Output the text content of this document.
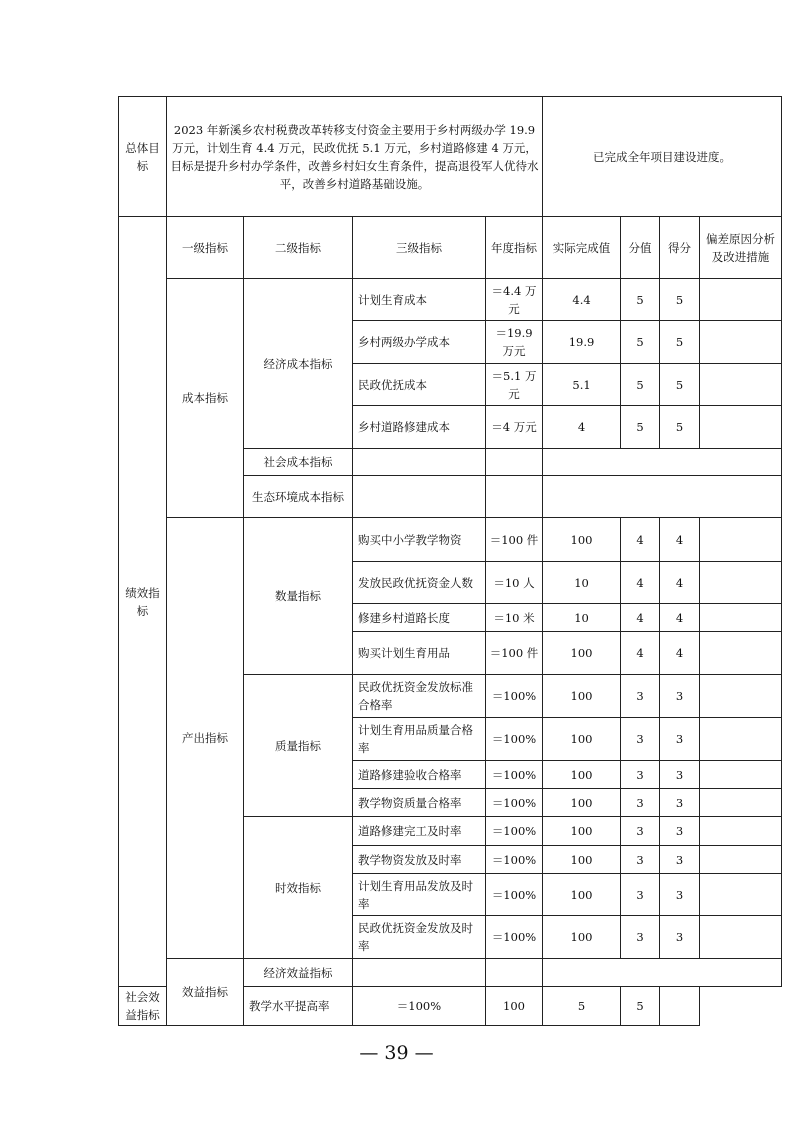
总体目标	2023 年新溪乡农村税费改革转移支付资金主要用于乡村两级办学 19.9 万元，计划生育 4.4 万元，民政优抚 5.1 万元，乡村道路修建 4 万元，目标是提升乡村办学条件，改善乡村妇女生育条件，提高退役军人优待水平，改善乡村道路基础设施。				已完成全年项目建设进度。			
绩效指标	一级指标	二级指标	三级指标	年度指标	实际完成值	分值	得分	偏差原因分析及改进措施
	成本指标	经济成本指标	计划生育成本	＝4.4 万元	4.4	5	5	
			乡村两级办学成本	＝19.9 万元	19.9	5	5	
			民政优抚成本	＝5.1 万元	5.1	5	5	
			乡村道路修建成本	＝4 万元	4	5	5	
		社会成本指标						
		生态环境成本指标						
	产出指标	数量指标	购买中小学教学物资	＝100 件	100	4	4	
			发放民政优抚资金人数	＝10 人	10	4	4	
			修建乡村道路长度	＝10 米	10	4	4	
			购买计划生育用品	＝100 件	100	4	4	
		质量指标	民政优抚资金发放标准合格率	＝100%	100	3	3	
			计划生育用品质量合格率	＝100%	100	3	3	
			道路修建验收合格率	＝100%	100	3	3	
			教学物资质量合格率	＝100%	100	3	3	
		时效指标	道路修建完工及时率	＝100%	100	3	3	
			教学物资发放及时率	＝100%	100	3	3	
			计划生育用品发放及时率	＝100%	100	3	3	
			民政优抚资金发放及时率	＝100%	100	3	3	
	效益指标	经济效益指标						
社会效益指标		教学水平提高率	＝100%	100	5	5		
— 39 —
